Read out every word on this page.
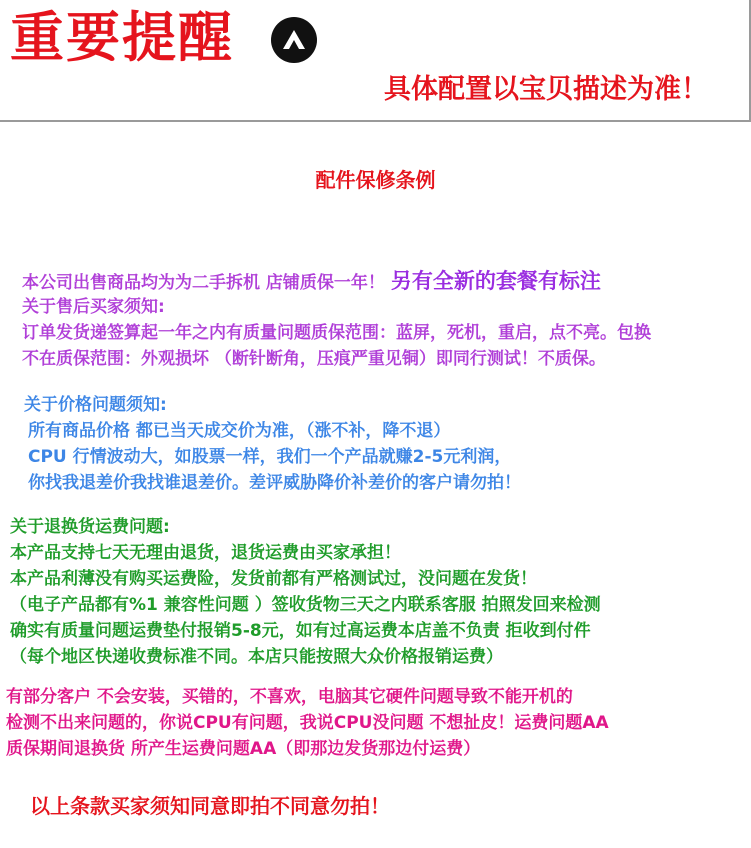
重要提醒
具体配置以宝贝描述为准！
配件保修条例
本公司出售商品均为为二手拆机 店铺质保一年！ 另有全新的套餐有标注
关于售后买家须知:
订单发货递签算起一年之内有质量问题质保范围：蓝屏，死机，重启，点不亮。包换
不在质保范围：外观损坏 （断针断角，压痕严重见铜）即同行测试！不质保。
关于价格问题须知:
所有商品价格 都已当天成交价为准，（涨不补，降不退）
CPU 行情波动大，如股票一样，我们一个产品就赚2-5元利润，
你找我退差价我找谁退差价。差评威胁降价补差价的客户请勿拍！
关于退换货运费问题:
本产品支持七天无理由退货，退货运费由买家承担！
本产品利薄没有购买运费险，发货前都有严格测试过，没问题在发货！
（电子产品都有%1 兼容性问题 ）签收货物三天之内联系客服 拍照发回来检测
确实有质量问题运费垫付报销5-8元，如有过高运费本店盖不负责 拒收到付件
（每个地区快递收费标准不同。本店只能按照大众价格报销运费）
有部分客户 不会安装，买错的，不喜欢，电脑其它硬件问题导致不能开机的
检测不出来问题的，你说CPU有问题，我说CPU没问题 不想扯皮！运费问题AA
质保期间退换货 所产生运费问题AA（即那边发货那边付运费）
以上条款买家须知同意即拍不同意勿拍！
